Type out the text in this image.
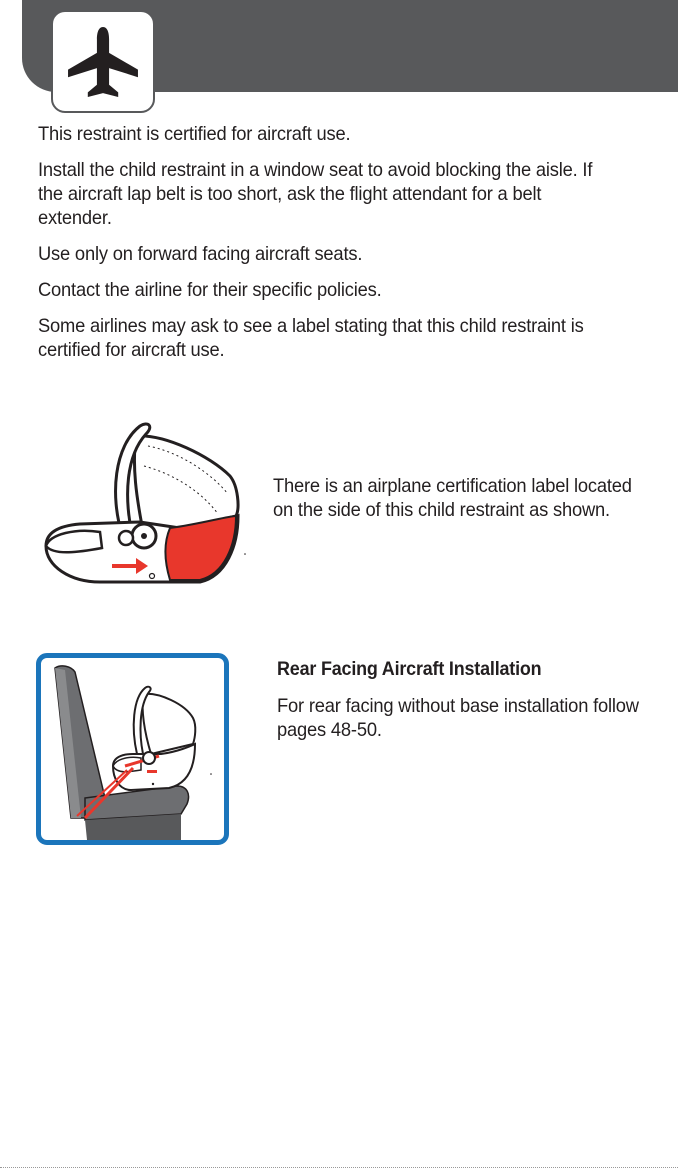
This restraint is certified for aircraft use.

Install the child restraint in a window seat to avoid blocking the aisle. If the aircraft lap belt is too short, ask the flight attendant for a belt extender.

Use only on forward facing aircraft seats.

Contact the airline for their specific policies.

Some airlines may ask to see a label stating that this child restraint is certified for aircraft use.

There is an airplane certification label located on the side of this child restraint as shown.
Rear Facing Aircraft Installation

For rear facing without base installation follow pages 48-50.
